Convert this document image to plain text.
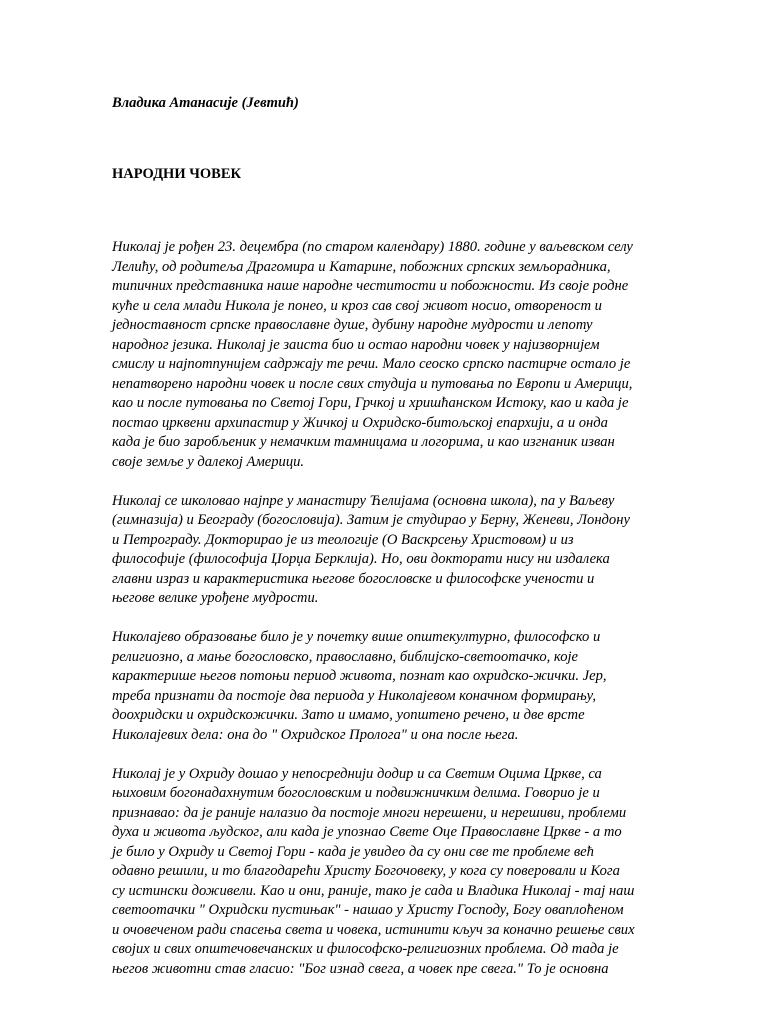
Владика Атанасије (Јевтић)
НАРОДНИ ЧОВЕК

Николај је рођен 23. децембра (по старом календару) 1880. године у ваљевском селу
Лелићу, од родитеља Драгомира и Катарине, побожних српских земљорадника,
типичних представника наше народне честитости и побожности. Из своје родне
куће и села млади Никола је понео, и кроз сав свој живот носио, отвореност и
једноставност српске православне душе, дубину народне мудрости и лепоту
народног језика. Николај је заиста био и остао народни човек у најизворнијем
смислу и најпотпунијем садржају те речи. Мало сеоско српско пастирче остало је
непатворено народни човек и после свих студија и путовања по Европи и Америци,
као и после путовања по Светој Гори, Грчкој и хришћанском Истоку, као и када је
постао црквени архипастир у Жичкој и Охридско-битољској епархији, а и онда
када је био заробљеник у немачким тамницама и логорима, и као изгнаник изван
своје земље у далекој Америци.

Николај се школовао најпре у манастиру Ћелијама (основна школа), па у Ваљеву
(гимназија) и Београду (богословија). Затим је студирао у Берну, Женеви, Лондону
и Петрограду. Докторирао је из теологије (О Васкрсењу Христовом) и из
философије (философија Џорџа Берклија). Но, ови докторати нису ни издалека
главни израз и карактеристика његове богословске и философске учености и
његове велике урођене мудрости.

Николајево образовање било је у почетку више општекултурно, философско и
религиозно, а мање богословско, православно, библијско-светоотачко, које
карактерише његов потоњи период живота, познат као охридско-жички. Јер,
треба признати да постоје два периода у Николајевом коначном формирању,
доохридски и охридскожички. Зато и имамо, уопштено речено, и две врсте
Николајевих дела: она до " Охридског Пролога" и она после њега.

Николај је у Охриду дошао у непосреднији додир и са Светим Оцима Цркве, са
њиховим богонадахнутим богословским и подвижничким делима. Говорио је и
признавао: да је раније налазио да постоје многи нерешени, и нерешиви, проблеми
духа и живота људског, али када је упознао Свете Оце Православне Цркве - а то
је било у Охриду и Светој Гори - када је увидео да су они све те проблеме већ
одавно решили, и то благодарећи Христу Богочовеку, у кога су поверовали и Кога
су истински доживели. Као и они, раније, тако је сада и Владика Николај - тај наш
светоотачки " Охридски пустињак" - нашао у Христу Господу, Богу оваплоћеном
и очовеченом ради спасења света и човека, истинити кључ за коначно решење свих
својих и свих општечовечанских и философско-религиозних проблема. Од тада је
његов животни став гласио: "Бог изнад свега, а човек пре свега." То је основна
